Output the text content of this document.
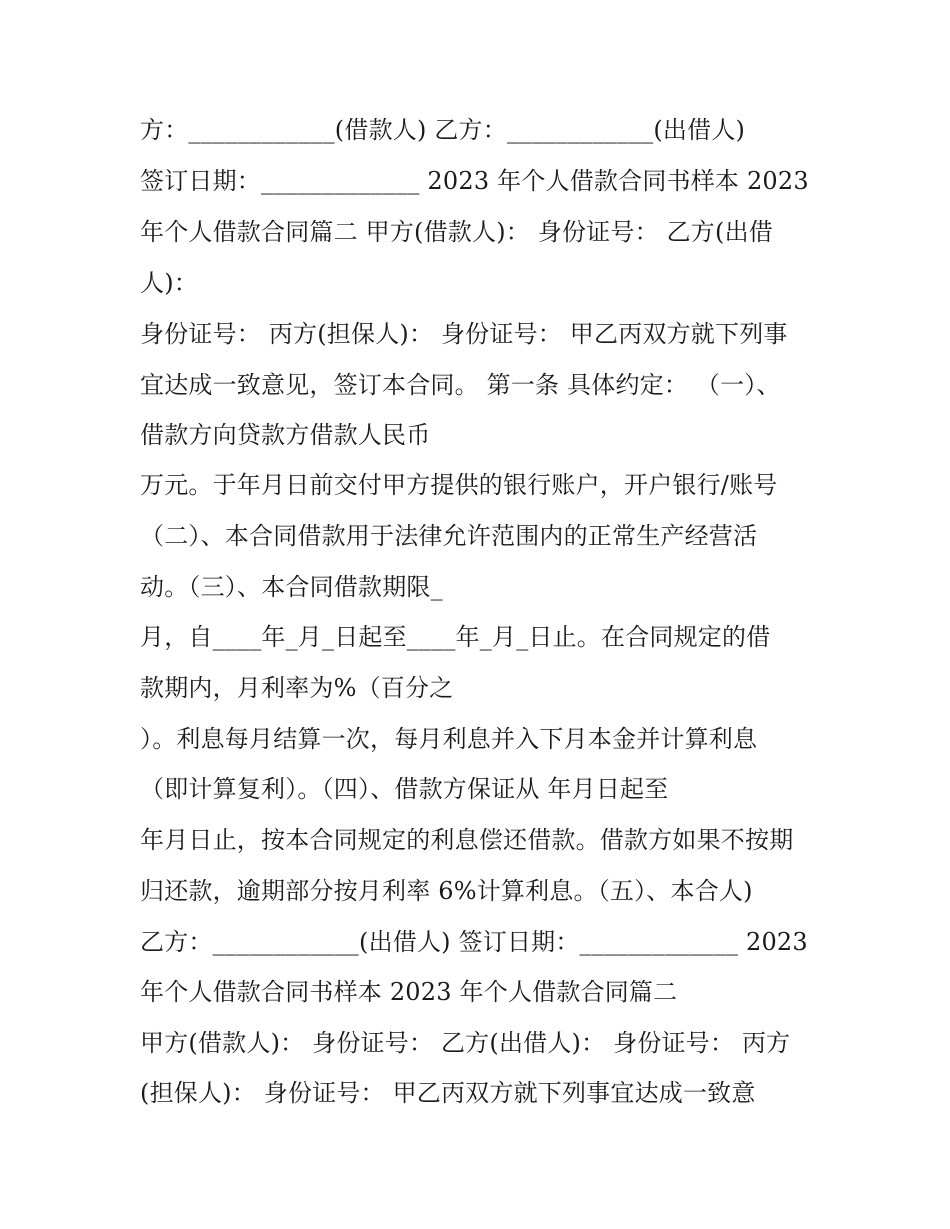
方：____________(借款人) 乙方：____________(出借人)
签订日期：_____________ 2023 年个人借款合同书样本 2023
年个人借款合同篇二 甲方(借款人)： 身份证号： 乙方(出借
人)：
身份证号： 丙方(担保人)： 身份证号： 甲乙丙双方就下列事
宜达成一致意见，签订本合同。 第一条 具体约定： （一）、
借款方向贷款方借款人民币
万元。于年月日前交付甲方提供的银行账户，开户银行/账号
（二）、本合同借款用于法律允许范围内的正常生产经营活
动。（三）、本合同借款期限_
月，自____年_月_日起至____年_月_日止。在合同规定的借
款期内，月利率为%（百分之
）。利息每月结算一次，每月利息并入下月本金并计算利息
（即计算复利）。（四）、借款方保证从 年月日起至
年月日止，按本合同规定的利息偿还借款。借款方如果不按期
归还款，逾期部分按月利率 6%计算利息。（五）、本合人)
乙方：____________(出借人) 签订日期：_____________ 2023
年个人借款合同书样本 2023 年个人借款合同篇二
甲方(借款人)： 身份证号： 乙方(出借人)： 身份证号： 丙方
(担保人)： 身份证号： 甲乙丙双方就下列事宜达成一致意
